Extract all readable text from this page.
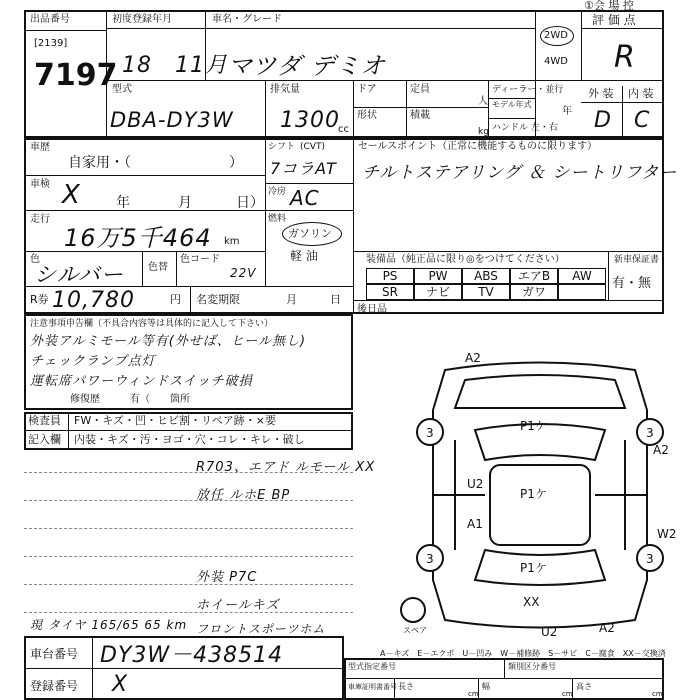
①会 場 控
出品番号
[2139]
7197
初度登録年月
18　11月
車名・グレード
マツダ デミオ
2WD
4WD
評 価 点
R
外 装 内 装
D C
型式
DBA-DY3W
排気量
1300
cc
ドア	定員
人
形状	積載
kg
ディーラー・並行
モデル年式
年
ハンドル 左・右
車歴
自家用・（　　　　　　　）
車検 X	年	月	日）
走行
16万5千464 km
色
シルバー 色替
色コード
22V
R券 10,780	円 名変期限	月	日
シフト (CVT)
7コラAT
冷房 AC
燃料
ガソリン
軽 油
セールスポイント（正常に機能するものに限ります）
チルトステアリング ＆ シートリフター
装備品（純正品に限り◎をつけてください）	新車保証書
有・無
PS	PW	ABS	エアB	AW
SR	ナビ	TV	ガワ
後日品
注意事項申告欄（不具合内容等は具体的に記入して下さい）
外装アルミモール等有(外せば、ヒール無し)
チェックランプ点灯
運転席パワーウィンドスイッチ破損
修復歴	有（　　箇所
検査員 FW・キズ・凹・ヒビ割・リペア跡・×要
記入欄 内装・キズ・汚・ヨゴ・穴・コレ・キレ・破し
R703、エアド ルモール XX
放任 ルホE BP
外装 P7C
ホイールキズ
フロントスポーツホム
現 タイヤ 165/65 65 km
3	3
3	3
A2
A2
W2
A1
U2
U2	A2
P1ケ
P1ケ
P1ケ
XX
スペア
A－キズ　E－エクボ　U－凹み　W－補修跡　S－サビ　C－腐食　XX－交換済
車台番号 DY3W－438514
登録番号 X
型式指定番号	類別区分番号
車庫証明書番号 長さ
cm
幅
cm
高さ
cm
